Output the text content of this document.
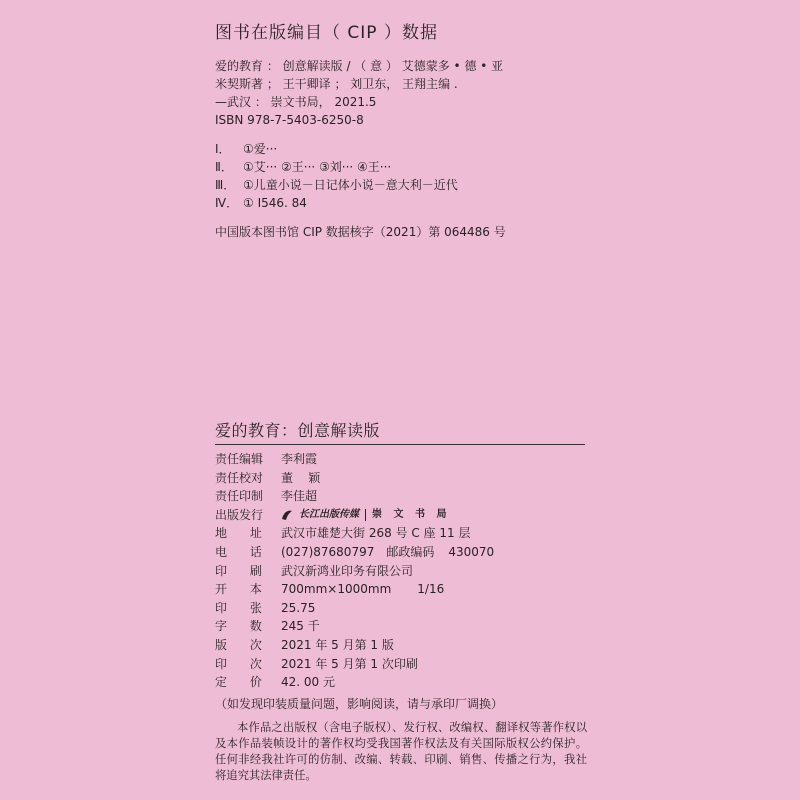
图书在版编目（ CIP ）数据
爱的教育 ： 创意解读版 / （ 意 ） 艾德蒙多 • 德 • 亚
米契斯著 ； 王干卿译 ； 刘卫东， 王翔主编 .
—武汉 ： 崇文书局， 2021.5
ISBN 978-7-5403-6250-8
Ⅰ． ①爱···
Ⅱ． ①艾··· ②王··· ③刘··· ④王···
Ⅲ． ①儿童小说－日记体小说－意大利－近代
Ⅳ． ① I546. 84
中国版本图书馆 CIP 数据核字（2021）第 064486 号
爱的教育：创意解读版
责任编辑	李利霞
责任校对	董    颖
责任印制	李佳超
出版发行	长江出版传媒 崇 文 书 局
地      址	武汉市雄楚大街 268 号 C 座 11 层
电      话	(027)87680797 邮政编码 430070
印      刷	武汉新鸿业印务有限公司
开      本	700mm×1000mm 1/16
印      张	25.75
字      数	245 千
版      次	2021 年 5 月第 1 版
印      次	2021 年 5 月第 1 次印刷
定      价	42. 00 元
（如发现印装质量问题，影响阅读，请与承印厂调换）
本作品之出版权（含电子版权）、发行权、改编权、翻译权等著作权以及本作品装帧设计的著作权均受我国著作权法及有关国际版权公约保护。任何非经我社许可的仿制、改编、转载、印刷、销售、传播之行为，我社将追究其法律责任。
